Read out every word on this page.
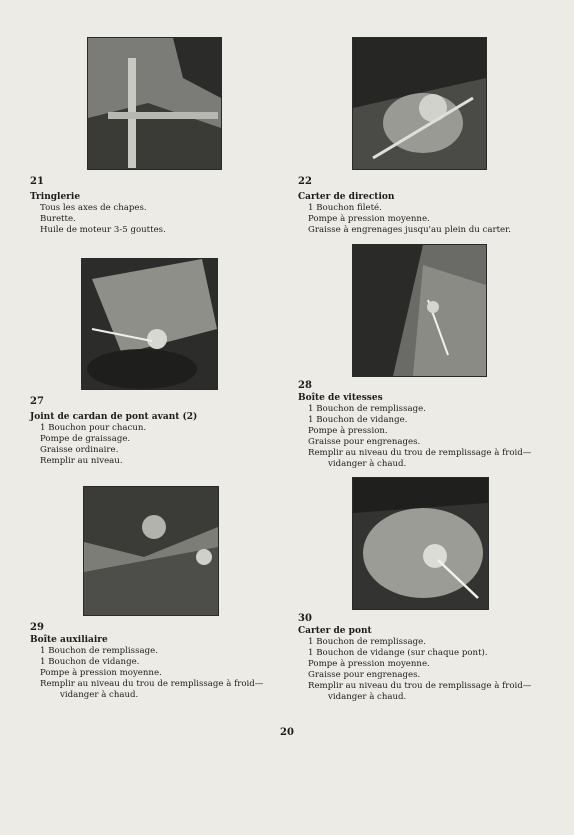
21
Tringlerie
Tous les axes de chapes.
Burette.
Huile de moteur 3-5 gouttes.
22
Carter de direction
1 Bouchon fileté.
Pompe à pression moyenne.
Graisse à engrenages jusqu'au plein du carter.
27
Joint de cardan de pont avant (2)
1 Bouchon pour chacun.
Pompe de graissage.
Graisse ordinaire.
Remplir au niveau.
28
Boîte de vitesses
1 Bouchon de remplissage.
1 Bouchon de vidange.
Pompe à pression.
Graisse pour engrenages.
Remplir au niveau du trou de remplissage à froid—
vidanger à chaud.
29
Boîte auxiliaire
1 Bouchon de remplissage.
1 Bouchon de vidange.
Pompe à pression moyenne.
Remplir au niveau du trou de remplissage à froid—
vidanger à chaud.
30
Carter de pont
1 Bouchon de remplissage.
1 Bouchon de vidange (sur chaque pont).
Pompe à pression moyenne.
Graisse pour engrenages.
Remplir au niveau du trou de remplissage à froid—
vidanger à chaud.
20
